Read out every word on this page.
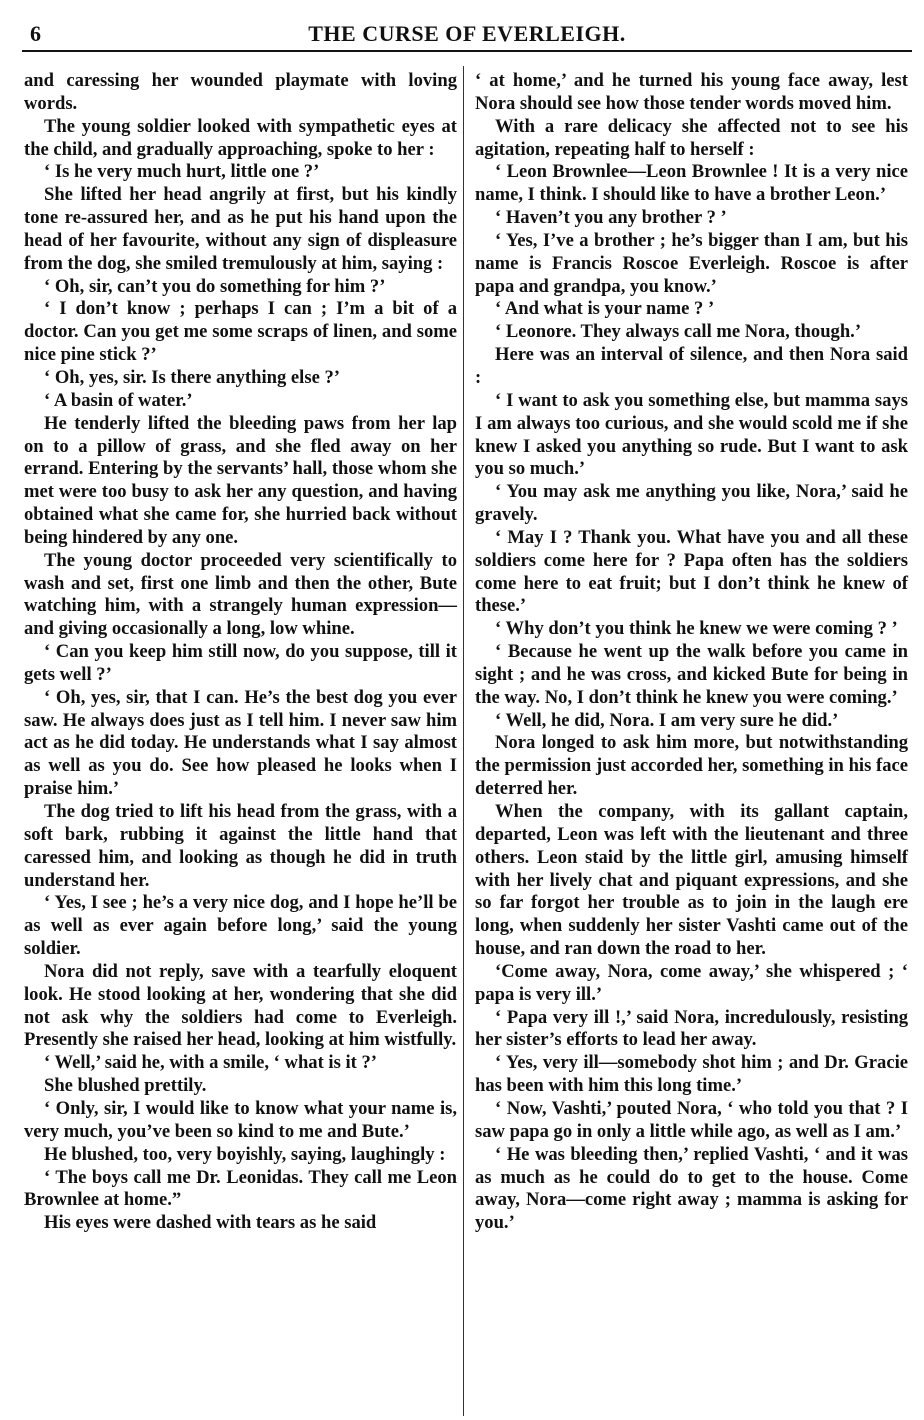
6	THE CURSE OF EVERLEIGH.

and caressing her wounded playmate with loving words.

The young soldier looked with sympathetic eyes at the child, and gradually approaching, spoke to her :

‘ Is he very much hurt, little one ?’

She lifted her head angrily at first, but his kindly tone re-assured her, and as he put his hand upon the head of her favourite, without any sign of displeasure from the dog, she smiled tremulously at him, saying :

‘ Oh, sir, can’t you do something for him ?’

‘ I don’t know ; perhaps I can ; I’m a bit of a doctor. Can you get me some scraps of linen, and some nice pine stick ?’

‘ Oh, yes, sir. Is there anything else ?’

‘ A basin of water.’

He tenderly lifted the bleeding paws from her lap on to a pillow of grass, and she fled away on her errand. Entering by the servants’ hall, those whom she met were too busy to ask her any question, and having obtained what she came for, she hurried back without being hindered by any one.

The young doctor proceeded very scientifically to wash and set, first one limb and then the other, Bute watching him, with a strangely human expression—and giving occasionally a long, low whine.

‘ Can you keep him still now, do you suppose, till it gets well ?’

‘ Oh, yes, sir, that I can. He’s the best dog you ever saw. He always does just as I tell him. I never saw him act as he did today. He understands what I say almost as well as you do. See how pleased he looks when I praise him.’

The dog tried to lift his head from the grass, with a soft bark, rubbing it against the little hand that caressed him, and looking as though he did in truth understand her.

‘ Yes, I see ; he’s a very nice dog, and I hope he’ll be as well as ever again before long,’ said the young soldier.

Nora did not reply, save with a tearfully eloquent look. He stood looking at her, wondering that she did not ask why the soldiers had come to Everleigh. Presently she raised her head, looking at him wistfully.

‘ Well,’ said he, with a smile, ‘ what is it ?’

She blushed prettily.

‘ Only, sir, I would like to know what your name is, very much, you’ve been so kind to me and Bute.’

He blushed, too, very boyishly, saying, laughingly :

‘ The boys call me Dr. Leonidas. They call me Leon Brownlee at home.”

His eyes were dashed with tears as he said

‘ at home,’ and he turned his young face away, lest Nora should see how those tender words moved him.

With a rare delicacy she affected not to see his agitation, repeating half to herself :

‘ Leon Brownlee—Leon Brownlee ! It is a very nice name, I think. I should like to have a brother Leon.’

‘ Haven’t you any brother ? ’

‘ Yes, I’ve a brother ; he’s bigger than I am, but his name is Francis Roscoe Everleigh. Roscoe is after papa and grandpa, you know.’

‘ And what is your name ? ’

‘ Leonore. They always call me Nora, though.’

Here was an interval of silence, and then Nora said :

‘ I want to ask you something else, but mamma says I am always too curious, and she would scold me if she knew I asked you anything so rude. But I want to ask you so much.’

‘ You may ask me anything you like, Nora,’ said he gravely.

‘ May I ? Thank you. What have you and all these soldiers come here for ? Papa often has the soldiers come here to eat fruit; but I don’t think he knew of these.’

‘ Why don’t you think he knew we were coming ? ’

‘ Because he went up the walk before you came in sight ; and he was cross, and kicked Bute for being in the way. No, I don’t think he knew you were coming.’

‘ Well, he did, Nora. I am very sure he did.’

Nora longed to ask him more, but notwithstanding the permission just accorded her, something in his face deterred her.

When the company, with its gallant captain, departed, Leon was left with the lieutenant and three others. Leon staid by the little girl, amusing himself with her lively chat and piquant expressions, and she so far forgot her trouble as to join in the laugh ere long, when suddenly her sister Vashti came out of the house, and ran down the road to her.

‘Come away, Nora, come away,’ she whispered ; ‘ papa is very ill.’

‘ Papa very ill !,’ said Nora, incredulously, resisting her sister’s efforts to lead her away.

‘ Yes, very ill—somebody shot him ; and Dr. Gracie has been with him this long time.’

‘ Now, Vashti,’ pouted Nora, ‘ who told you that ? I saw papa go in only a little while ago, as well as I am.’

‘ He was bleeding then,’ replied Vashti, ‘ and it was as much as he could do to get to the house. Come away, Nora—come right away ; mamma is asking for you.’
